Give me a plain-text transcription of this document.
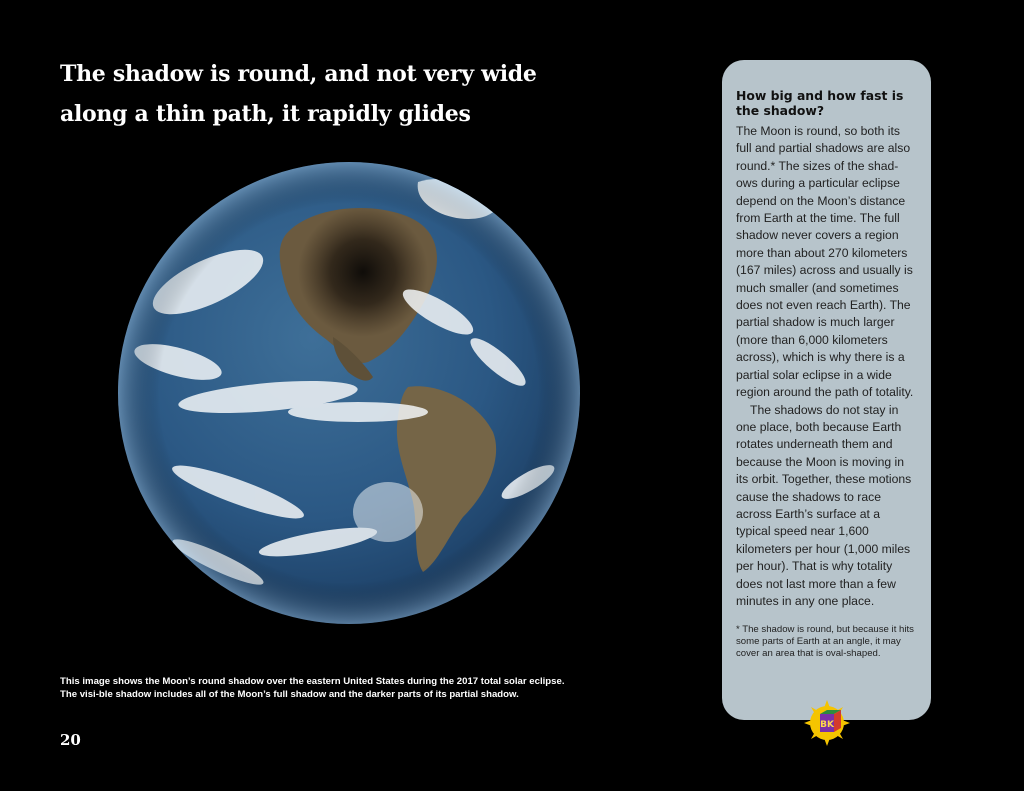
The shadow is round, and not very wide
along a thin path, it rapidly glides
This image shows the Moon’s round shadow over the eastern United States during the 2017 total solar eclipse. The visi-ble shadow includes all of the Moon’s full shadow and the darker parts of its partial shadow.
20
How big and how fast is the shadow?

The Moon is round, so both its full and partial shadows are also round.* The sizes of the shad-ows during a particular eclipse depend on the Moon’s distance from Earth at the time. The full shadow never covers a region more than about 270 kilometers (167 miles) across and usually is much smaller (and sometimes does not even reach Earth). The partial shadow is much larger (more than 6,000 kilometers across), which is why there is a partial solar eclipse in a wide region around the path of totality.

The shadows do not stay in one place, both because Earth rotates underneath them and because the Moon is moving in its orbit. Together, these motions cause the shadows to race across Earth’s surface at a typical speed near 1,600 kilometers per hour (1,000 miles per hour). That is why totality does not last more than a few minutes in any one place.

* The shadow is round, but because it hits some parts of Earth at an angle, it may cover an area that is oval-shaped.
BK
